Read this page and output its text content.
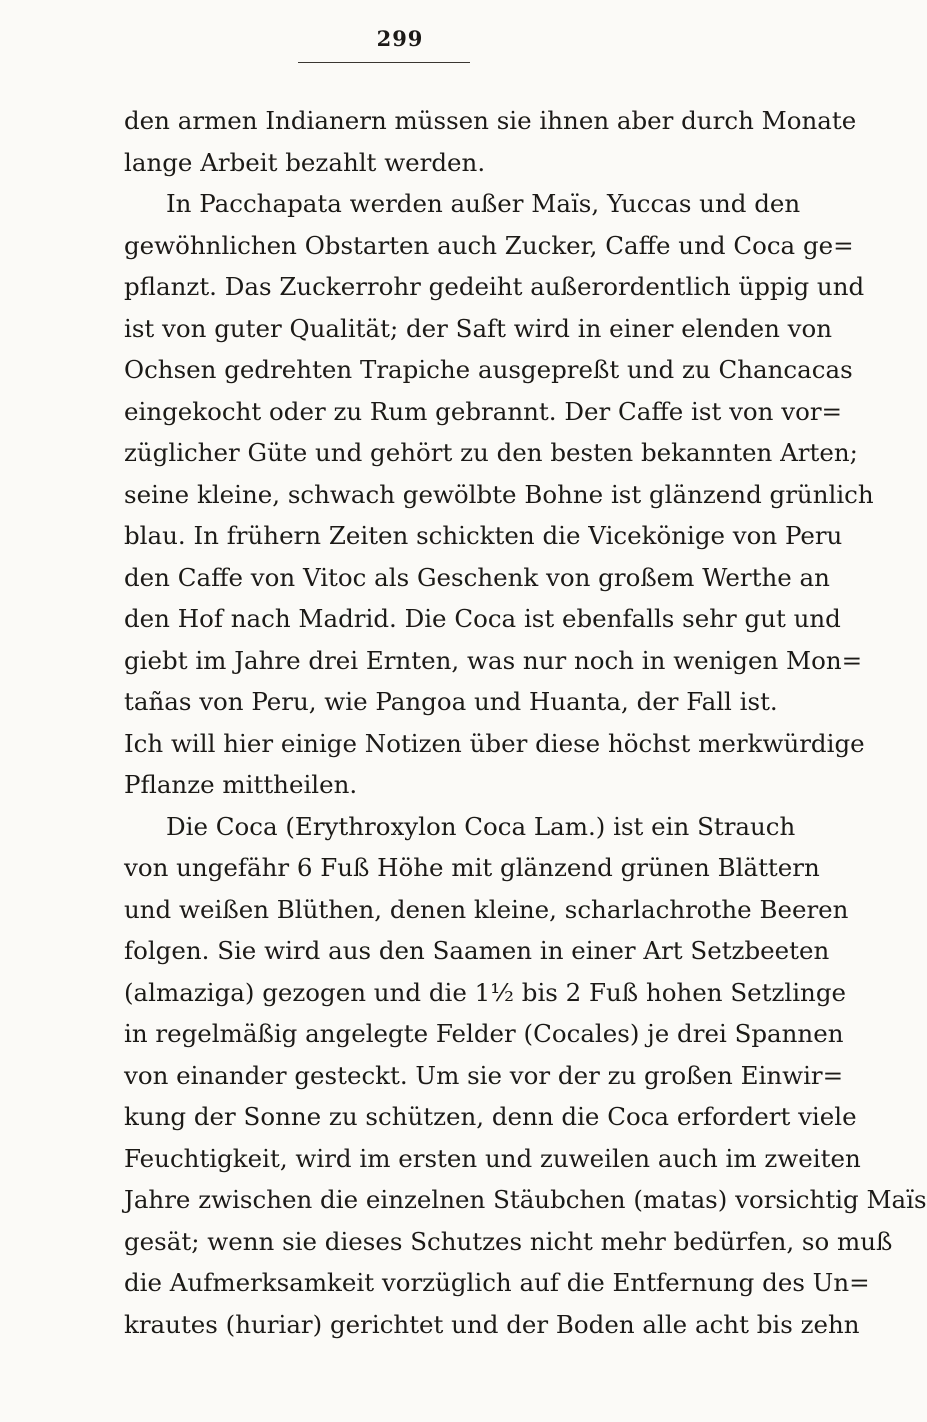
299
den armen Indianern müssen sie ihnen aber durch Monate
lange Arbeit bezahlt werden.
In Pacchapata werden außer Maïs, Yuccas und den
gewöhnlichen Obstarten auch Zucker, Caffe und Coca ge=
pflanzt. Das Zuckerrohr gedeiht außerordentlich üppig und
ist von guter Qualität; der Saft wird in einer elenden von
Ochsen gedrehten Trapiche ausgepreßt und zu Chancacas
eingekocht oder zu Rum gebrannt. Der Caffe ist von vor=
züglicher Güte und gehört zu den besten bekannten Arten;
seine kleine, schwach gewölbte Bohne ist glänzend grünlich
blau. In frühern Zeiten schickten die Vicekönige von Peru
den Caffe von Vitoc als Geschenk von großem Werthe an
den Hof nach Madrid. Die Coca ist ebenfalls sehr gut und
giebt im Jahre drei Ernten, was nur noch in wenigen Mon=
tañas von Peru, wie Pangoa und Huanta, der Fall ist.
Ich will hier einige Notizen über diese höchst merkwürdige
Pflanze mittheilen.
Die Coca (Erythroxylon Coca Lam.) ist ein Strauch
von ungefähr 6 Fuß Höhe mit glänzend grünen Blättern
und weißen Blüthen, denen kleine, scharlachrothe Beeren
folgen. Sie wird aus den Saamen in einer Art Setzbeeten
(almaziga) gezogen und die 1½ bis 2 Fuß hohen Setzlinge
in regelmäßig angelegte Felder (Cocales) je drei Spannen
von einander gesteckt. Um sie vor der zu großen Einwir=
kung der Sonne zu schützen, denn die Coca erfordert viele
Feuchtigkeit, wird im ersten und zuweilen auch im zweiten
Jahre zwischen die einzelnen Stäubchen (matas) vorsichtig Maïs
gesät; wenn sie dieses Schutzes nicht mehr bedürfen, so muß
die Aufmerksamkeit vorzüglich auf die Entfernung des Un=
krautes (huriar) gerichtet und der Boden alle acht bis zehn
